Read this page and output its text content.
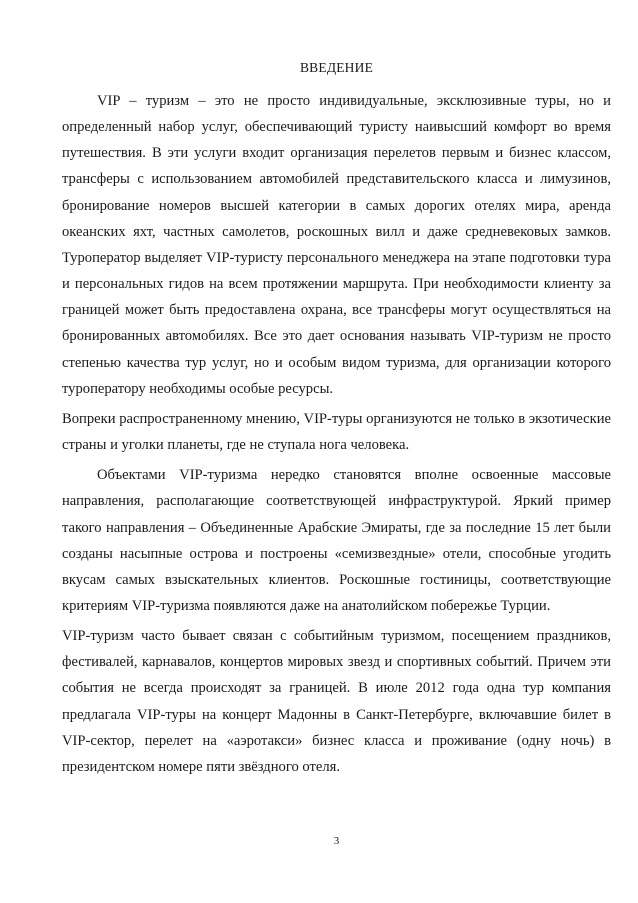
ВВЕДЕНИЕ

VIP – туризм – это не просто индивидуальные, эксклюзивные туры, но и определенный набор услуг, обеспечивающий туристу наивысший комфорт во время путешествия. В эти услуги входит организация перелетов первым и бизнес классом, трансферы с использованием автомобилей представительского класса и лимузинов, бронирование номеров высшей категории в самых дорогих отелях мира, аренда океанских яхт, частных самолетов, роскошных вилл и даже средневековых замков. Туроператор выделяет VIP-туристу персонального менеджера на этапе подготовки тура и персональных гидов на всем протяжении маршрута. При необходимости клиенту за границей может быть предоставлена охрана, все трансферы могут осуществляться на бронированных автомобилях. Все это дает основания называть VIP-туризм не просто степенью качества тур услуг, но и особым видом туризма, для организации которого туроператору необходимы особые ресурсы.

Вопреки распространенному мнению, VIP-туры организуются не только в экзотические страны и уголки планеты, где не ступала нога человека.

Объектами VIP-туризма нередко становятся вполне освоенные массовые направления, располагающие соответствующей инфраструктурой. Яркий пример такого направления – Объединенные Арабские Эмираты, где за последние 15 лет были созданы насыпные острова и построены «семизвездные» отели, способные угодить вкусам самых взыскательных клиентов. Роскошные гостиницы, соответствующие критериям VIP-туризма появляются даже на анатолийском побережье Турции.

VIP-туризм часто бывает связан с событийным туризмом, посещением праздников, фестивалей, карнавалов, концертов мировых звезд и спортивных событий. Причем эти события не всегда происходят за границей. В июле 2012 года одна тур компания предлагала VIP-туры на концерт Мадонны в Санкт-Петербурге, включавшие билет в VIP-сектор, перелет на «аэротакси» бизнес класса и проживание (одну ночь) в президентском номере пяти звёздного отеля.

3
